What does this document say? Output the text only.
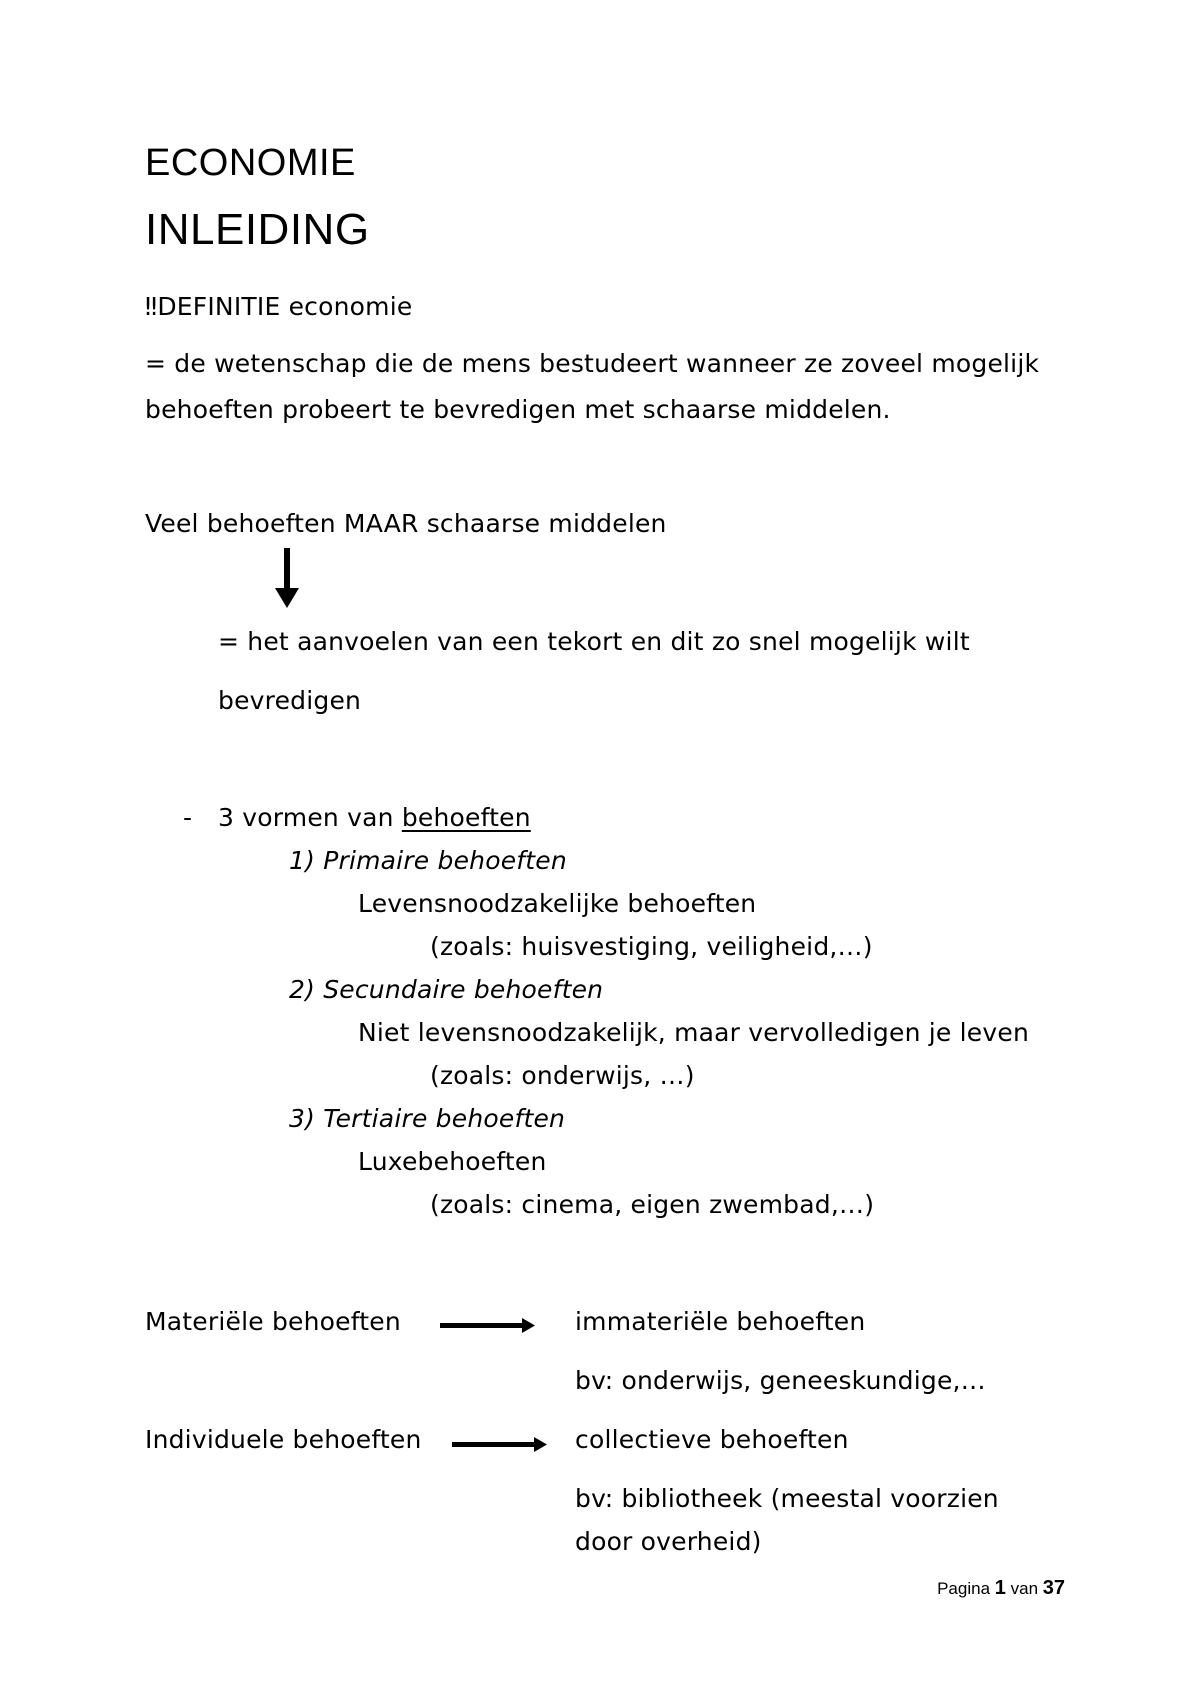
ECONOMIE
INLEIDING
‼DEFINITIE economie
= de wetenschap die de mens bestudeert wanneer ze zoveel mogelijk
behoeften probeert te bevredigen met schaarse middelen.
Veel behoeften MAAR schaarse middelen
= het aanvoelen van een tekort en dit zo snel mogelijk wilt
bevredigen
- 3 vormen van behoeften
1) Primaire behoeften
Levensnoodzakelijke behoeften
(zoals: huisvestiging, veiligheid,…)
2) Secundaire behoeften
Niet levensnoodzakelijk, maar vervolledigen je leven
(zoals: onderwijs, …)
3) Tertiaire behoeften
Luxebehoeften
(zoals: cinema, eigen zwembad,…)
Materiële behoeften	immateriële behoeften
bv: onderwijs, geneeskundige,…
Individuele behoeften	collectieve behoeften
bv: bibliotheek (meestal voorzien
door overheid)
Pagina 1 van 37
